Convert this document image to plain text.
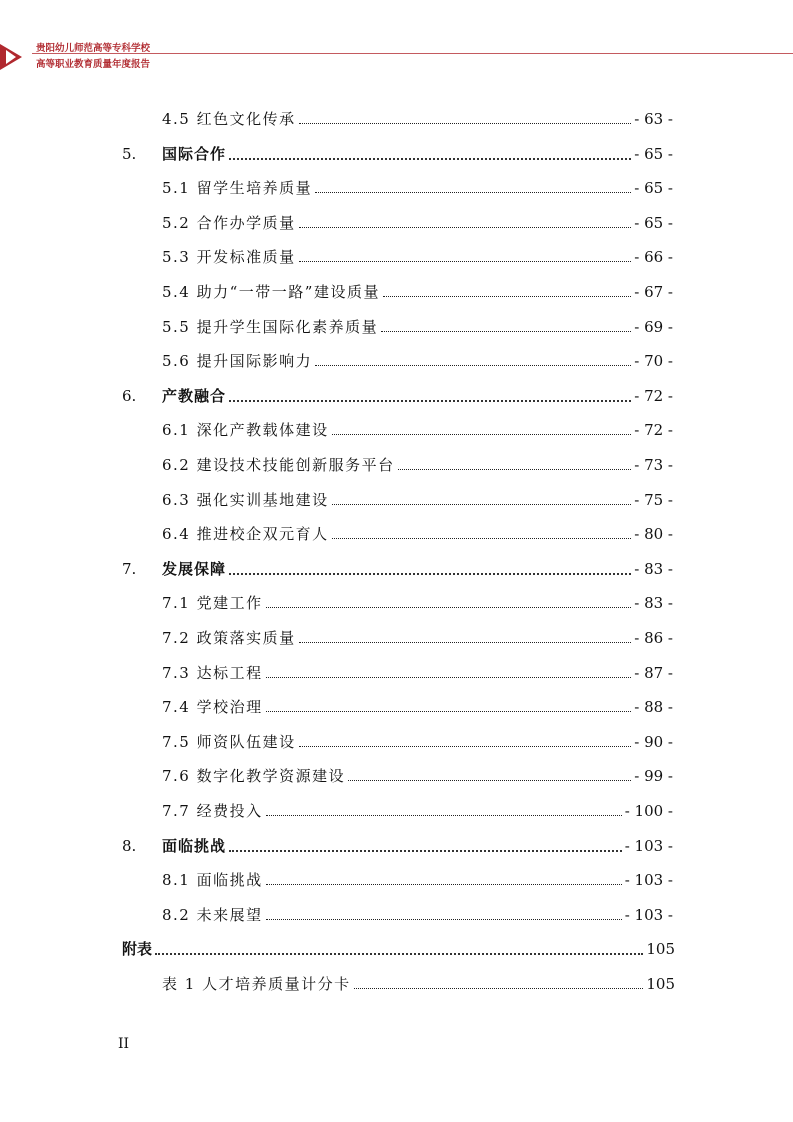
贵阳幼儿师范高等专科学校
高等职业教育质量年度报告
4.5 红色文化传承	- 63 -
5.	国际合作	- 65 -
5.1 留学生培养质量	- 65 -
5.2 合作办学质量	- 65 -
5.3 开发标准质量	- 66 -
5.4 助力“一带一路”建设质量	- 67 -
5.5 提升学生国际化素养质量	- 69 -
5.6 提升国际影响力	- 70 -
6.	产教融合	- 72 -
6.1 深化产教载体建设	- 72 -
6.2 建设技术技能创新服务平台	- 73 -
6.3 强化实训基地建设	- 75 -
6.4 推进校企双元育人	- 80 -
7.	发展保障	- 83 -
7.1 党建工作	- 83 -
7.2 政策落实质量	- 86 -
7.3 达标工程	- 87 -
7.4 学校治理	- 88 -
7.5 师资队伍建设	- 90 -
7.6 数字化教学资源建设	- 99 -
7.7 经费投入	- 100 -
8.	面临挑战	- 103 -
8.1 面临挑战	- 103 -
8.2 未来展望	- 103 -
附表	105
表 1 人才培养质量计分卡	105
II
